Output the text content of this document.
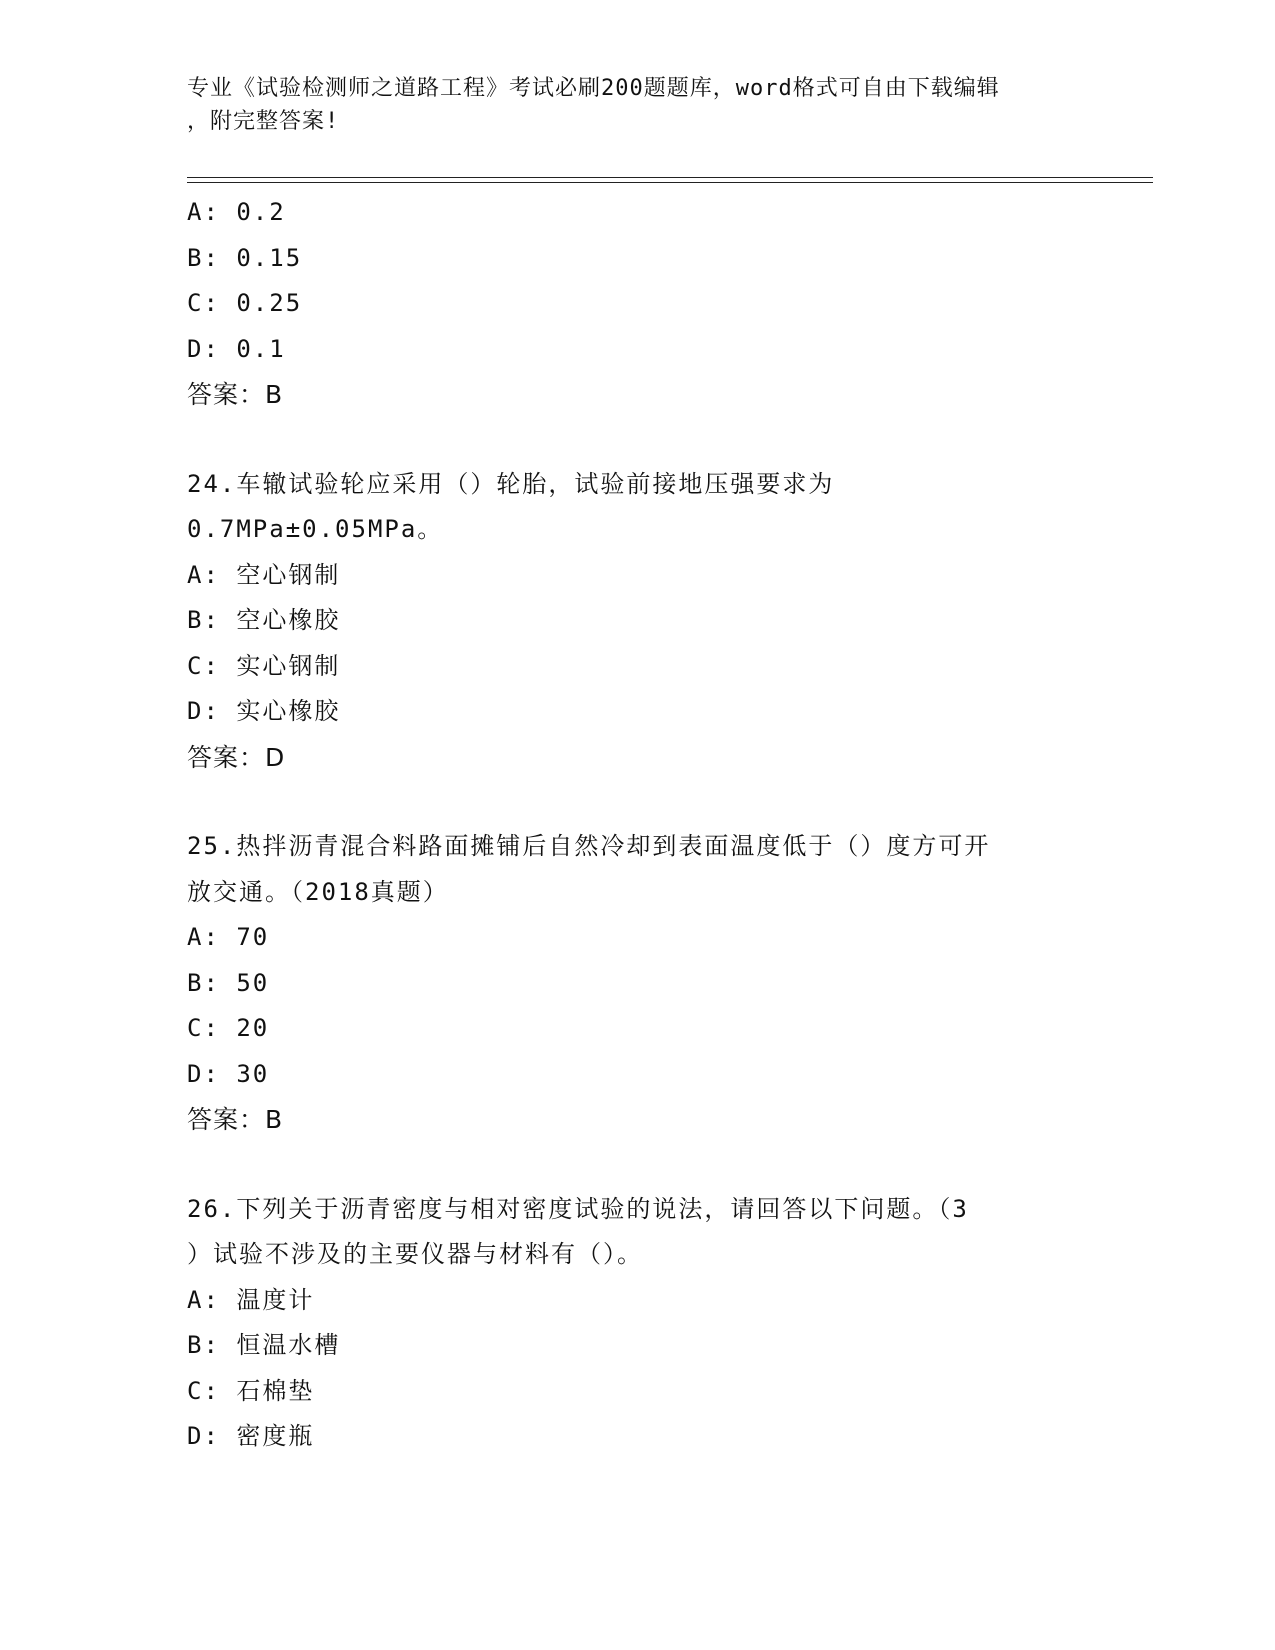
专业《试验检测师之道路工程》考试必刷200题题库，word格式可自由下载编辑
，附完整答案!
A: 0.2
B: 0.15
C: 0.25
D: 0.1
答案：B
24.车辙试验轮应采用（）轮胎，试验前接地压强要求为
0.7MPa±0.05MPa。
A: 空心钢制
B: 空心橡胶
C: 实心钢制
D: 实心橡胶
答案：D
25.热拌沥青混合料路面摊铺后自然冷却到表面温度低于（）度方可开
放交通。（2018真题）
A: 70
B: 50
C: 20
D: 30
答案：B
26.下列关于沥青密度与相对密度试验的说法，请回答以下问题。（3
）试验不涉及的主要仪器与材料有（）。
A: 温度计
B: 恒温水槽
C: 石棉垫
D: 密度瓶
